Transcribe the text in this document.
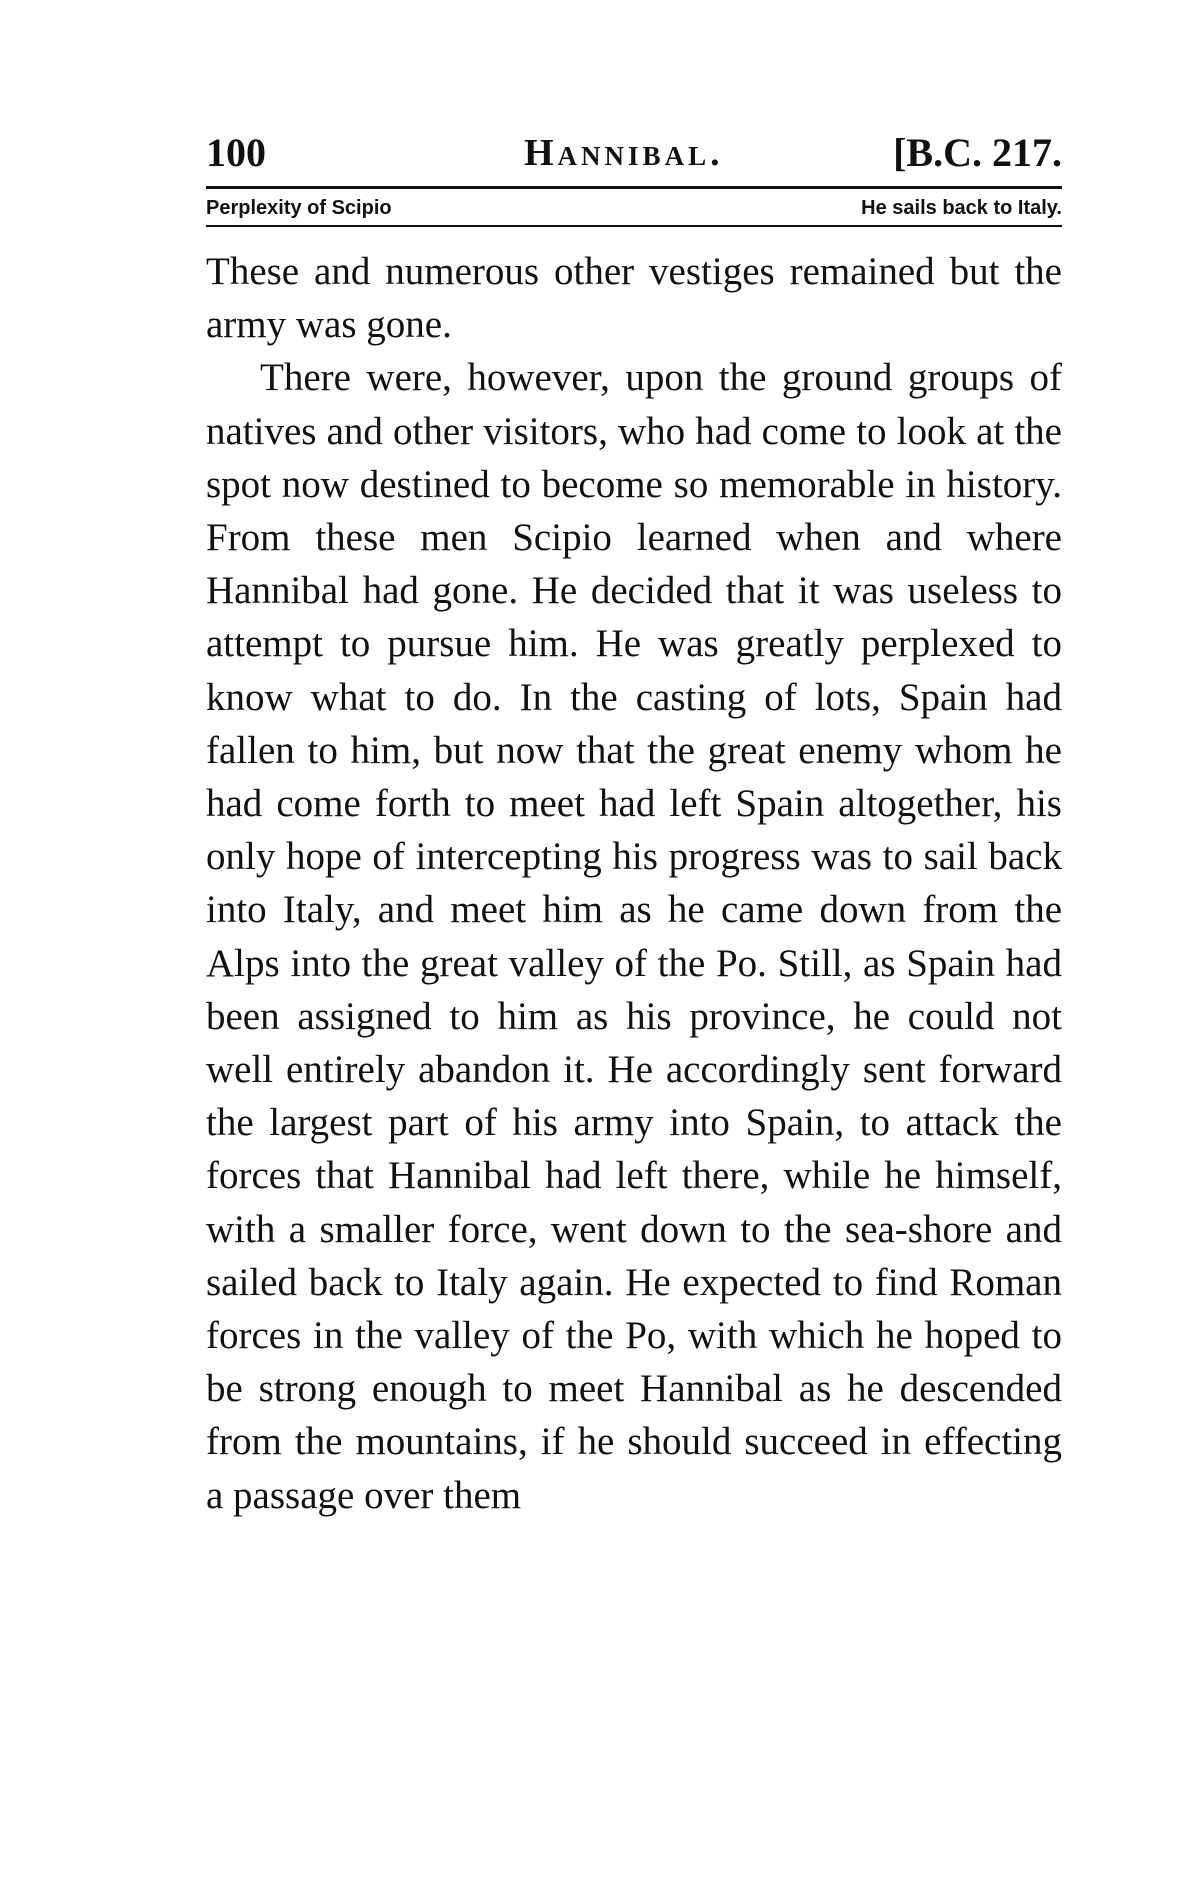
100	Hannibal.	[B.C. 217.
Perplexity of Scipio	He sails back to Italy.

These and numerous other vestiges remained but the army was gone.

There were, however, upon the ground groups of natives and other visitors, who had come to look at the spot now destined to become so memorable in history. From these men Scipio learned when and where Hannibal had gone. He decided that it was useless to attempt to pursue him. He was greatly perplexed to know what to do. In the casting of lots, Spain had fallen to him, but now that the great enemy whom he had come forth to meet had left Spain altogether, his only hope of intercepting his progress was to sail back into Italy, and meet him as he came down from the Alps into the great valley of the Po. Still, as Spain had been assigned to him as his province, he could not well entirely abandon it. He accordingly sent forward the largest part of his army into Spain, to attack the forces that Hannibal had left there, while he himself, with a smaller force, went down to the sea-shore and sailed back to Italy again. He expected to find Roman forces in the valley of the Po, with which he hoped to be strong enough to meet Hannibal as he descended from the mountains, if he should succeed in effecting a passage over them
